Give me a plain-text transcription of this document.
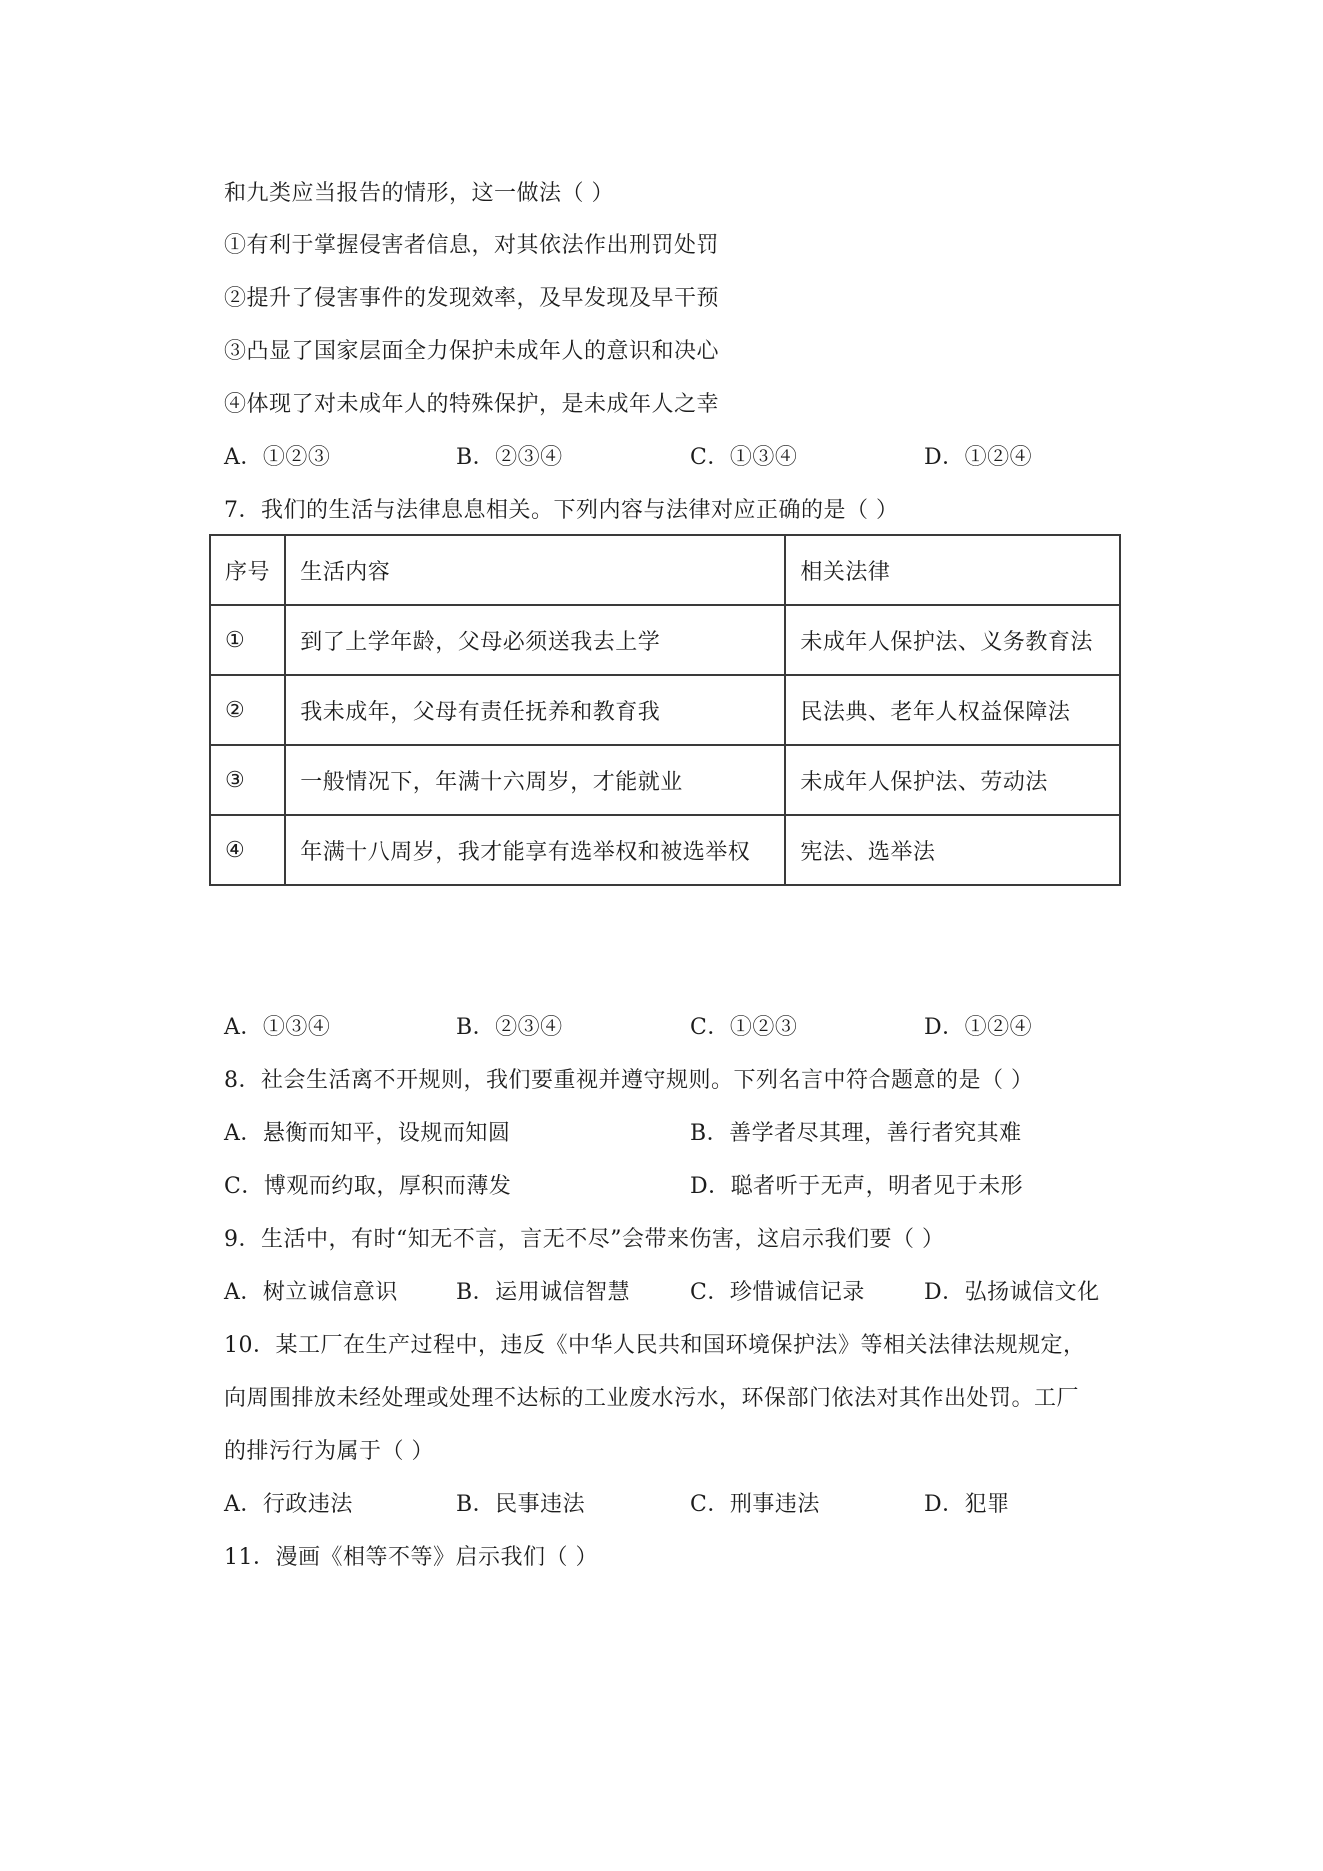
和九类应当报告的情形，这一做法（ ）
①有利于掌握侵害者信息，对其依法作出刑罚处罚
②提升了侵害事件的发现效率，及早发现及早干预
③凸显了国家层面全力保护未成年人的意识和决心
④体现了对未成年人的特殊保护，是未成年人之幸
A．①②③	B．②③④	C．①③④	D．①②④
7．我们的生活与法律息息相关。下列内容与法律对应正确的是（ ）
序号	生活内容	相关法律
①	到了上学年龄，父母必须送我去上学	未成年人保护法、义务教育法
②	我未成年，父母有责任抚养和教育我	民法典、老年人权益保障法
③	一般情况下，年满十六周岁，才能就业	未成年人保护法、劳动法
④	年满十八周岁，我才能享有选举权和被选举权	宪法、选举法
A．①③④	B．②③④	C．①②③	D．①②④
8．社会生活离不开规则，我们要重视并遵守规则。下列名言中符合题意的是（ ）
A．悬衡而知平，设规而知圆	B．善学者尽其理，善行者究其难
C．博观而约取，厚积而薄发	D．聪者听于无声，明者见于未形
9．生活中，有时“知无不言，言无不尽”会带来伤害，这启示我们要（ ）
A．树立诚信意识	B．运用诚信智慧	C．珍惜诚信记录	D．弘扬诚信文化
10．某工厂在生产过程中，违反《中华人民共和国环境保护法》等相关法律法规规定，
向周围排放未经处理或处理不达标的工业废水污水，环保部门依法对其作出处罚。工厂
的排污行为属于（ ）
A．行政违法	B．民事违法	C．刑事违法	D．犯罪
11．漫画《相等不等》启示我们（ ）
